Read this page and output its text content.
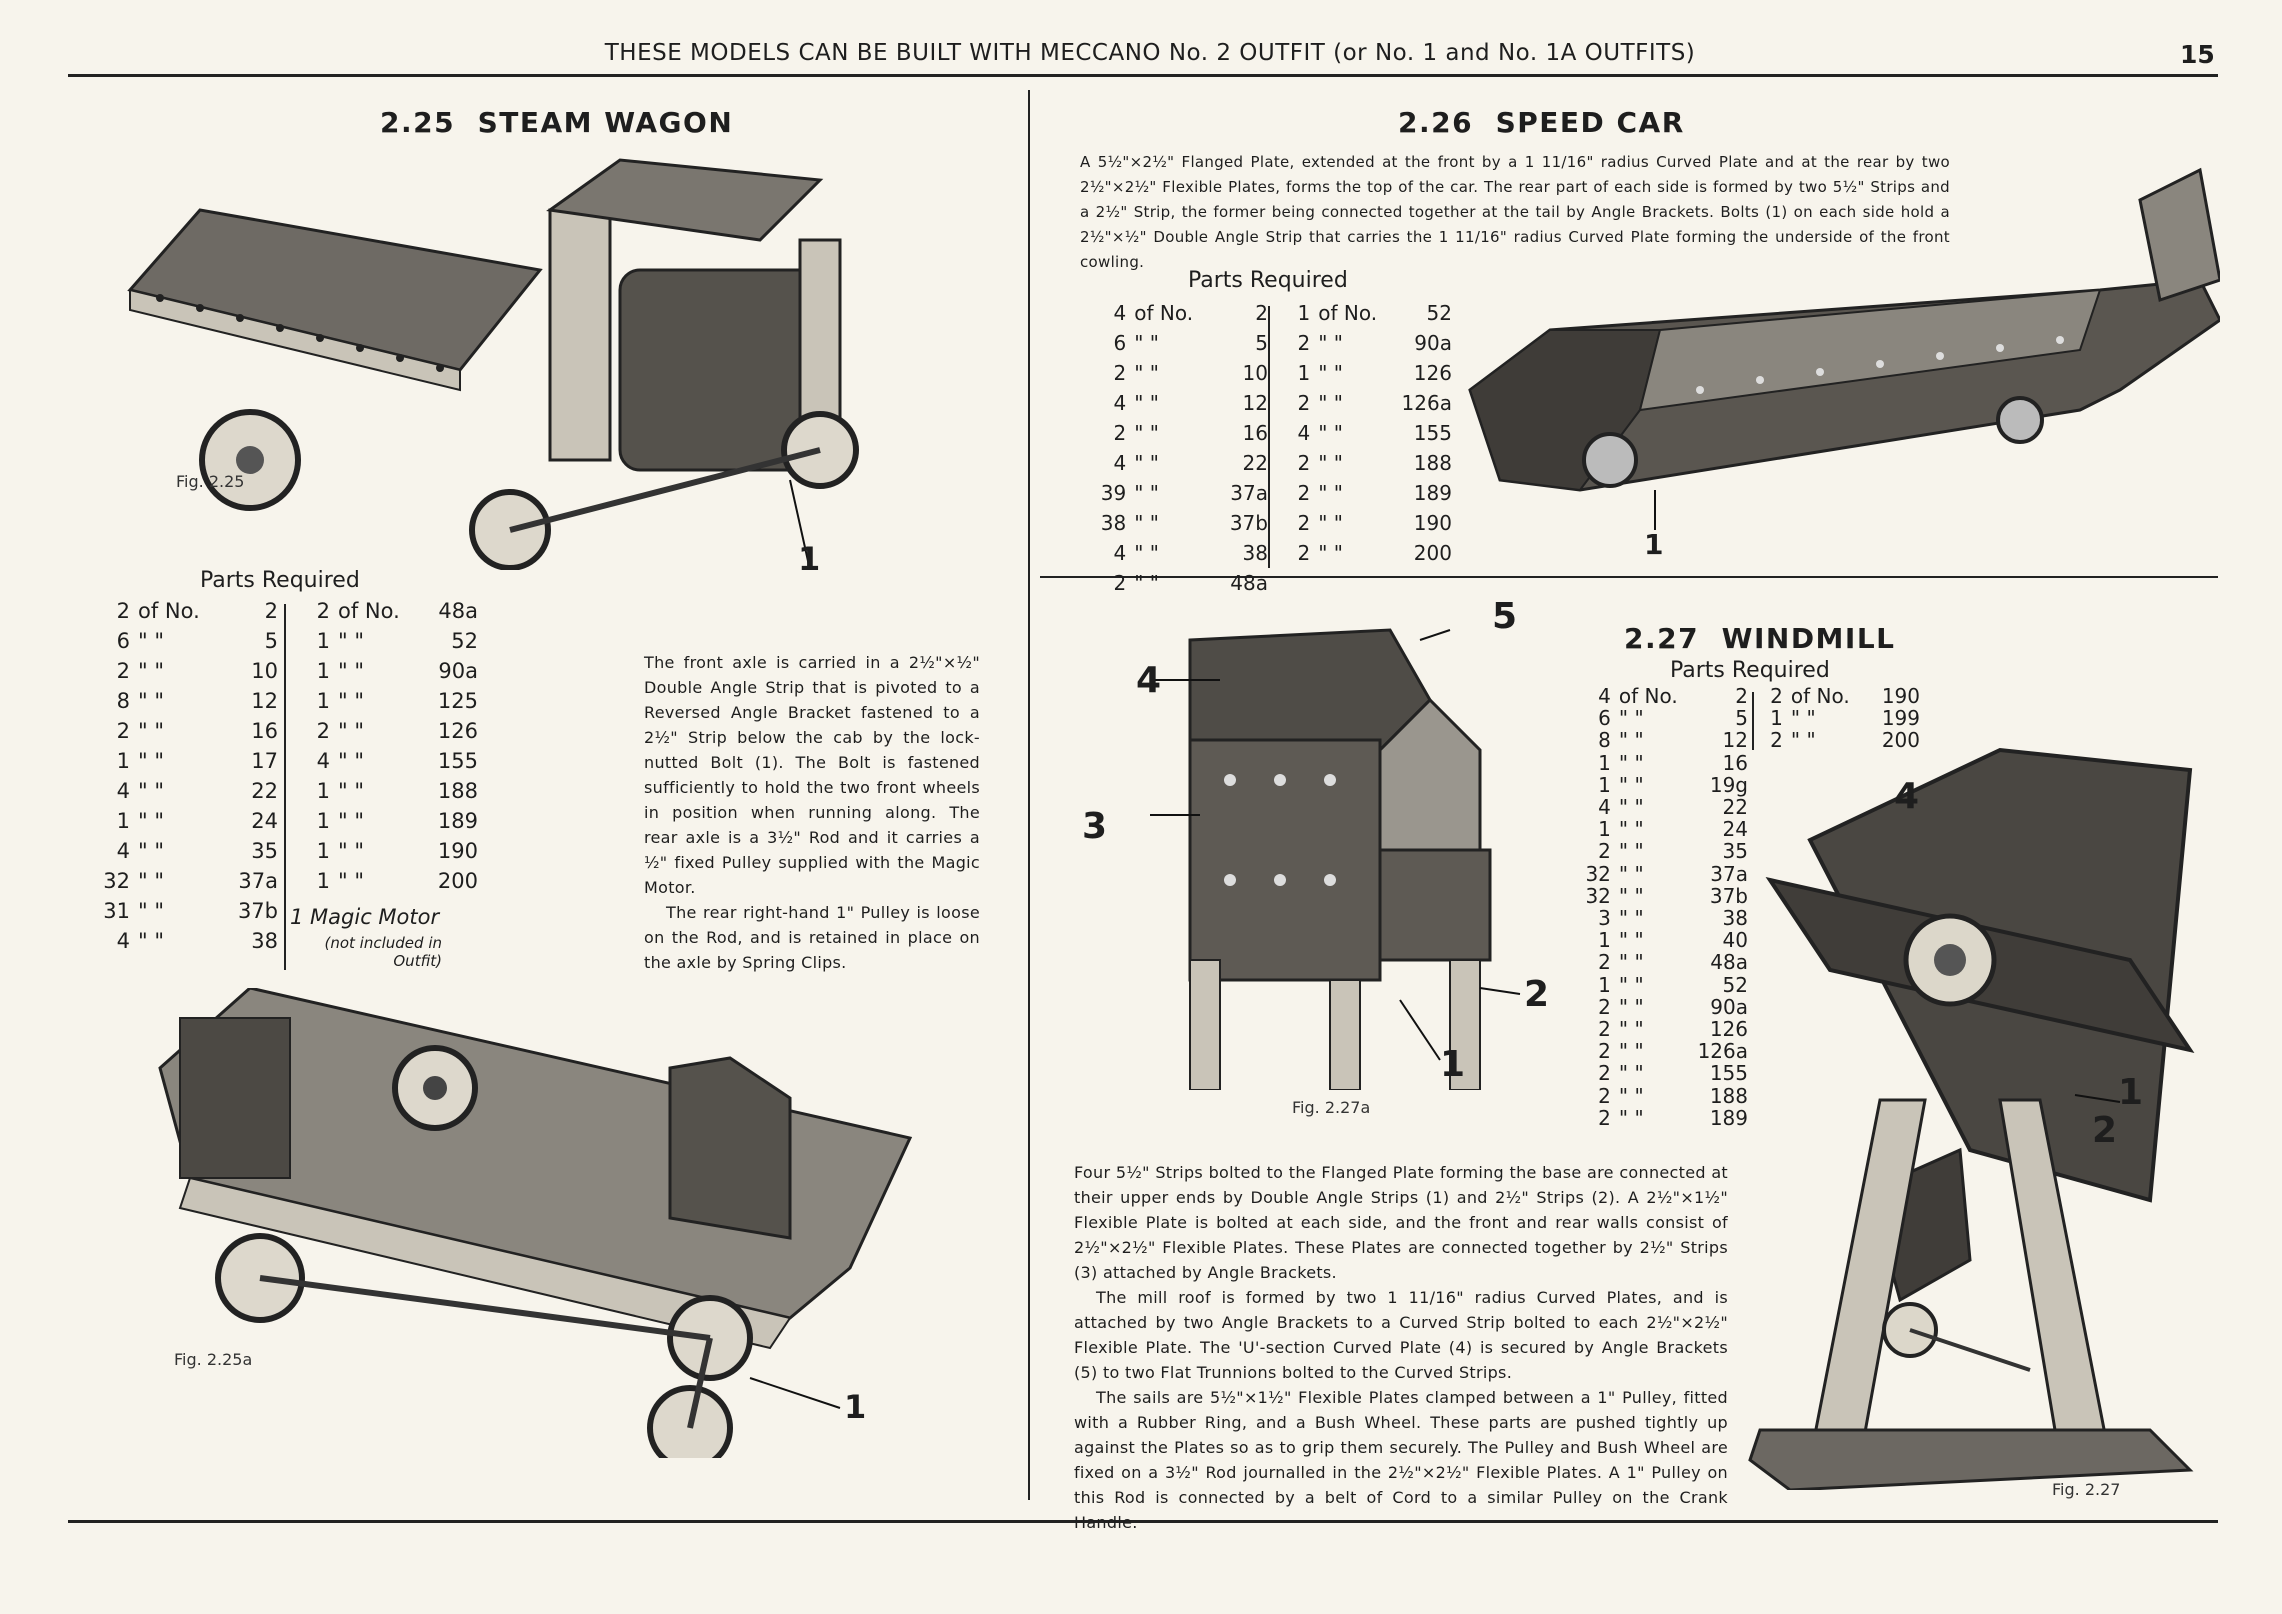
THESE MODELS CAN BE BUILT WITH MECCANO No. 2 OUTFIT (or No. 1 and No. 1A OUTFITS)	15
2.25  STEAM WAGON
Fig. 2.25
1
Parts Required
2 of No.	2
6 " "	5
2 " "	10
8 " "	12
2 " "	16
1 " "	17
4 " "	22
1 " "	24
4 " "	35
32 " "	37a
31 " "	37b
4 " "	38
2 of No.	48a
1 " "	52
1 " "	90a
1 " "	125
2 " "	126
4 " "	155
1 " "	188
1 " "	189
1 " "	190
1 " "	200
1 Magic Motor
(not included in Outfit)

The front axle is carried in a 2½"×½" Double Angle Strip that is pivoted to a Reversed Angle Bracket fastened to a 2½" Strip below the cab by the lock-nutted Bolt (1). The Bolt is fastened sufficiently to hold the two front wheels in position when running along. The rear axle is a 3½" Rod and it carries a ½" fixed Pulley supplied with the Magic Motor.

The rear right-hand 1" Pulley is loose on the Rod, and is retained in place on the axle by Spring Clips.

Fig. 2.25a
1
2.26  SPEED CAR
A 5½"×2½" Flanged Plate, extended at the front by a 1 11/16" radius Curved Plate and at the rear by two 2½"×2½" Flexible Plates, forms the top of the car. The rear part of each side is formed by two 5½" Strips and a 2½" Strip, the former being connected together at the tail by Angle Brackets. Bolts (1) on each side hold a 2½"×½" Double Angle Strip that carries the 1 11/16" radius Curved Plate forming the underside of the front cowling.
Parts Required
4 of No.	2
6 " "	5
2 " "	10
4 " "	12
2 " "	16
4 " "	22
39 " "	37a
38 " "	37b
4 " "	38
2 " "	48a
1 of No.	52
2 " "	90a
1 " "	126
2 " "	126a
4 " "	155
2 " "	188
2 " "	189
2 " "	190
2 " "	200	1
2.27  WINDMILL
Parts Required
4 of No.	2
6 " "	5
8 " "	12
1 " "	16
1 " "	19g
4 " "	22
1 " "	24
2 " "	35
32 " "	37a
32 " "	37b
3 " "	38
1 " "	40
2 " "	48a
1 " "	52
2 " "	90a
2 " "	126
2 " "	126a
2 " "	155
2 " "	188
2 " "	189
2 of No.	190
1 " "	199
2 " "	200
4
5
3
2
1
Fig. 2.27a
4
1
2
Fig. 2.27

Four 5½" Strips bolted to the Flanged Plate forming the base are connected at their upper ends by Double Angle Strips (1) and 2½" Strips (2). A 2½"×1½" Flexible Plate is bolted at each side, and the front and rear walls consist of 2½"×2½" Flexible Plates. These Plates are connected together by 2½" Strips (3) attached by Angle Brackets.

The mill roof is formed by two 1 11/16" radius Curved Plates, and is attached by two Angle Brackets to a Curved Strip bolted to each 2½"×2½" Flexible Plate. The 'U'-section Curved Plate (4) is secured by Angle Brackets (5) to two Flat Trunnions bolted to the Curved Strips.

The sails are 5½"×1½" Flexible Plates clamped between a 1" Pulley, fitted with a Rubber Ring, and a Bush Wheel. These parts are pushed tightly up against the Plates so as to grip them securely. The Pulley and Bush Wheel are fixed on a 3½" Rod journalled in the 2½"×2½" Flexible Plates. A 1" Pulley on this Rod is connected by a belt of Cord to a similar Pulley on the Crank Handle.
